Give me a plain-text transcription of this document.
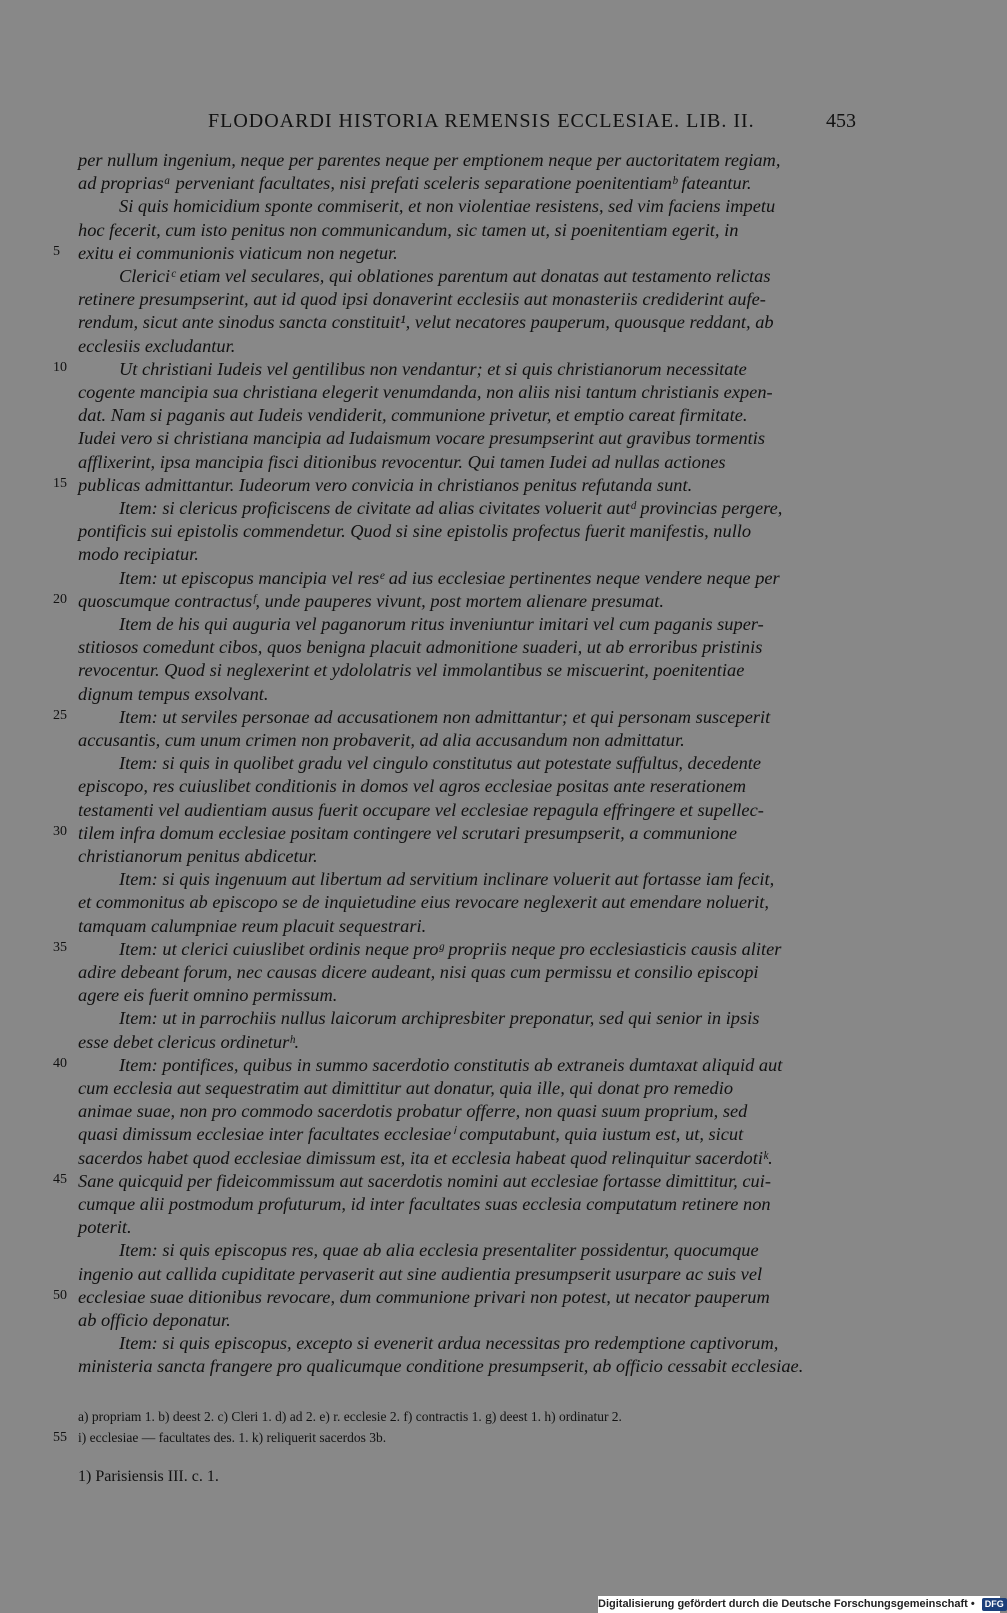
FLODOARDI HISTORIA REMENSIS ECCLESIAE. LIB. II.	453
per nullum ingenium, neque per parentes neque per emptionem neque per auctoritatem regiam,
ad propriasᵃ perveniant facultates, nisi prefati sceleris separatione poenitentiamᵇ fateantur.
Si quis homicidium sponte commiserit, et non violentiae resistens, sed vim faciens impetu
hoc fecerit, cum isto penitus non communicandum, sic tamen ut, si poenitentiam egerit, in
exitu ei communionis viaticum non negetur.
5
Clericiᶜ etiam vel seculares, qui oblationes parentum aut donatas aut testamento relictas
retinere presumpserint, aut id quod ipsi donaverint ecclesiis aut monasteriis crediderint aufe-
rendum, sicut ante sinodus sancta constituit¹, velut necatores pauperum, quousque reddant, ab
ecclesiis excludantur.
Ut christiani Iudeis vel gentilibus non vendantur; et si quis christianorum necessitate
10
cogente mancipia sua christiana elegerit venumdanda, non aliis nisi tantum christianis expen-
dat. Nam si paganis aut Iudeis vendiderit, communione privetur, et emptio careat firmitate.
Iudei vero si christiana mancipia ad Iudaismum vocare presumpserint aut gravibus tormentis
afflixerint, ipsa mancipia fisci ditionibus revocentur. Qui tamen Iudei ad nullas actiones
publicas admittantur. Iudeorum vero convicia in christianos penitus refutanda sunt.
15
Item: si clericus proficiscens de civitate ad alias civitates voluerit autᵈ provincias pergere,
pontificis sui epistolis commendetur. Quod si sine epistolis profectus fuerit manifestis, nullo
modo recipiatur.
Item: ut episcopus mancipia vel resᵉ ad ius ecclesiae pertinentes neque vendere neque per
quoscumque contractusᶠ, unde pauperes vivunt, post mortem alienare presumat.
20
Item de his qui auguria vel paganorum ritus inveniuntur imitari vel cum paganis super-
stitiosos comedunt cibos, quos benigna placuit admonitione suaderi, ut ab erroribus pristinis
revocentur. Quod si neglexerint et ydololatris vel immolantibus se miscuerint, poenitentiae
dignum tempus exsolvant.
Item: ut serviles personae ad accusationem non admittantur; et qui personam susceperit
25
accusantis, cum unum crimen non probaverit, ad alia accusandum non admittatur.
Item: si quis in quolibet gradu vel cingulo constitutus aut potestate suffultus, decedente
episcopo, res cuiuslibet conditionis in domos vel agros ecclesiae positas ante reserationem
testamenti vel audientiam ausus fuerit occupare vel ecclesiae repagula effringere et supellec-
tilem infra domum ecclesiae positam contingere vel scrutari presumpserit, a communione
30
christianorum penitus abdicetur.
Item: si quis ingenuum aut libertum ad servitium inclinare voluerit aut fortasse iam fecit,
et commonitus ab episcopo se de inquietudine eius revocare neglexerit aut emendare noluerit,
tamquam calumpniae reum placuit sequestrari.
Item: ut clerici cuiuslibet ordinis neque proᵍ propriis neque pro ecclesiasticis causis aliter
35
adire debeant forum, nec causas dicere audeant, nisi quas cum permissu et consilio episcopi
agere eis fuerit omnino permissum.
Item: ut in parrochiis nullus laicorum archipresbiter preponatur, sed qui senior in ipsis
esse debet clericus ordineturʰ.
Item: pontifices, quibus in summo sacerdotio constitutis ab extraneis dumtaxat aliquid aut
40
cum ecclesia aut sequestratim aut dimittitur aut donatur, quia ille, qui donat pro remedio
animae suae, non pro commodo sacerdotis probatur offerre, non quasi suum proprium, sed
quasi dimissum ecclesiae inter facultates ecclesiaeⁱ computabunt, quia iustum est, ut, sicut
sacerdos habet quod ecclesiae dimissum est, ita et ecclesia habeat quod relinquitur sacerdotiᵏ.
Sane quicquid per fideicommissum aut sacerdotis nomini aut ecclesiae fortasse dimittitur, cui-
45
cumque alii postmodum profuturum, id inter facultates suas ecclesia computatum retinere non
poterit.
Item: si quis episcopus res, quae ab alia ecclesia presentaliter possidentur, quocumque
ingenio aut callida cupiditate pervaserit aut sine audientia presumpserit usurpare ac suis vel
ecclesiae suae ditionibus revocare, dum communione privari non potest, ut necator pauperum
50
ab officio deponatur.
Item: si quis episcopus, excepto si evenerit ardua necessitas pro redemptione captivorum,
ministeria sancta frangere pro qualicumque conditione presumpserit, ab officio cessabit ecclesiae.
a) propriam 1. b) deest 2. c) Cleri 1. d) ad 2. e) r. ecclesie 2. f) contractis 1. g) deest 1. h) ordinatur 2.
i) ecclesiae — facultates des. 1. k) reliquerit sacerdos 3b.
55
1) Parisiensis III. c. 1.
Digitalisierung gefördert durch die Deutsche Forschungsgemeinschaft • DFG
